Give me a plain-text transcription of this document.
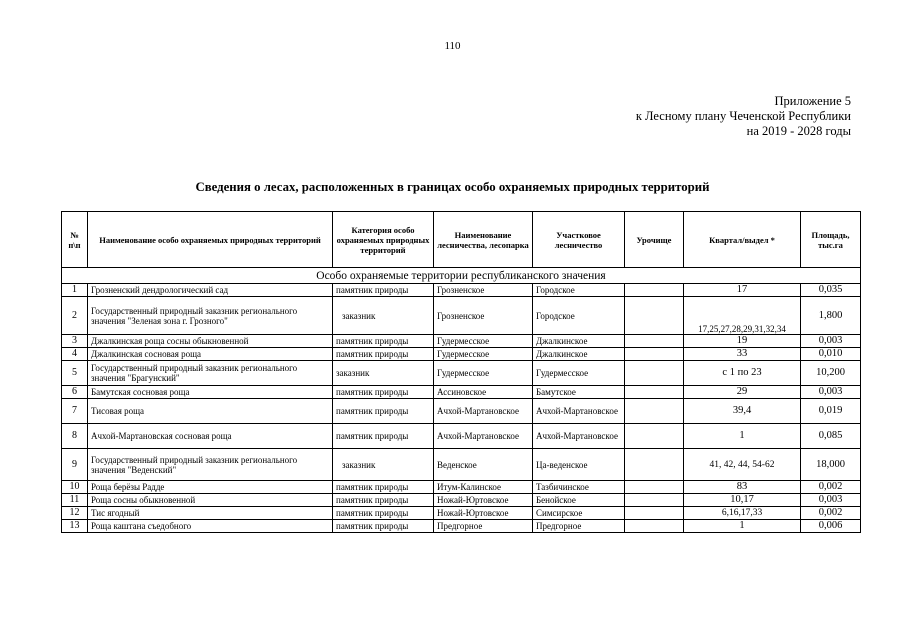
110
Приложение 5
к Лесному плану Чеченской Республики
на 2019 - 2028 годы
Сведения о лесах, расположенных в границах особо охраняемых природных территорий
№ п\п	Наименование особо охраняемых природных территорий	Категория особо охраняемых природных территорий	Наименование лесничества, лесопарка	Участковое лесничество	Урочище	Квартал/выдел *	Площадь, тыс.га
Особо охраняемые территории республиканского значения							
1	Грозненский дендрологический сад	памятник природы	Грозненское	Городское		17	0,035
2	Государственный природный заказник регионального значения "Зеленая зона г. Грозного"	заказник	Грозненское	Городское		17,25,27,28,29,31,32,34	1,800
3	Джалкинская роща сосны обыкновенной	памятник природы	Гудермесское	Джалкинское		19	0,003
4	Джалкинская сосновая роща	памятник природы	Гудермесское	Джалкинское		33	0,010
5	Государственный природный заказник регионального значения "Брагунский"	заказник	Гудермесское	Гудермесское		с 1 по 23	10,200
6	Бамутская сосновая роща	памятник природы	Ассиновское	Бамутское		29	0,003
7	Тисовая роща	памятник природы	Ачхой-Мартановское	Ачхой-Мартановское		39,4	0,019
8	Ачхой-Мартановская сосновая роща	памятник природы	Ачхой-Мартановское	Ачхой-Мартановское		1	0,085
9	Государственный природный заказник регионального значения "Веденский"	заказник	Веденское	Ца-веденское		41, 42, 44, 54-62	18,000
10	Роща берёзы Радде	памятник природы	Итум-Калинское	Тазбичинское		83	0,002
11	Роща сосны обыкновенной	памятник природы	Ножай-Юртовское	Бенойское		10,17	0,003
12	Тис ягодный	памятник природы	Ножай-Юртовское	Симсирское		6,16,17,33	0,002
13	Роща каштана съедобного	памятник природы	Предгорное	Предгорное		1	0,006
